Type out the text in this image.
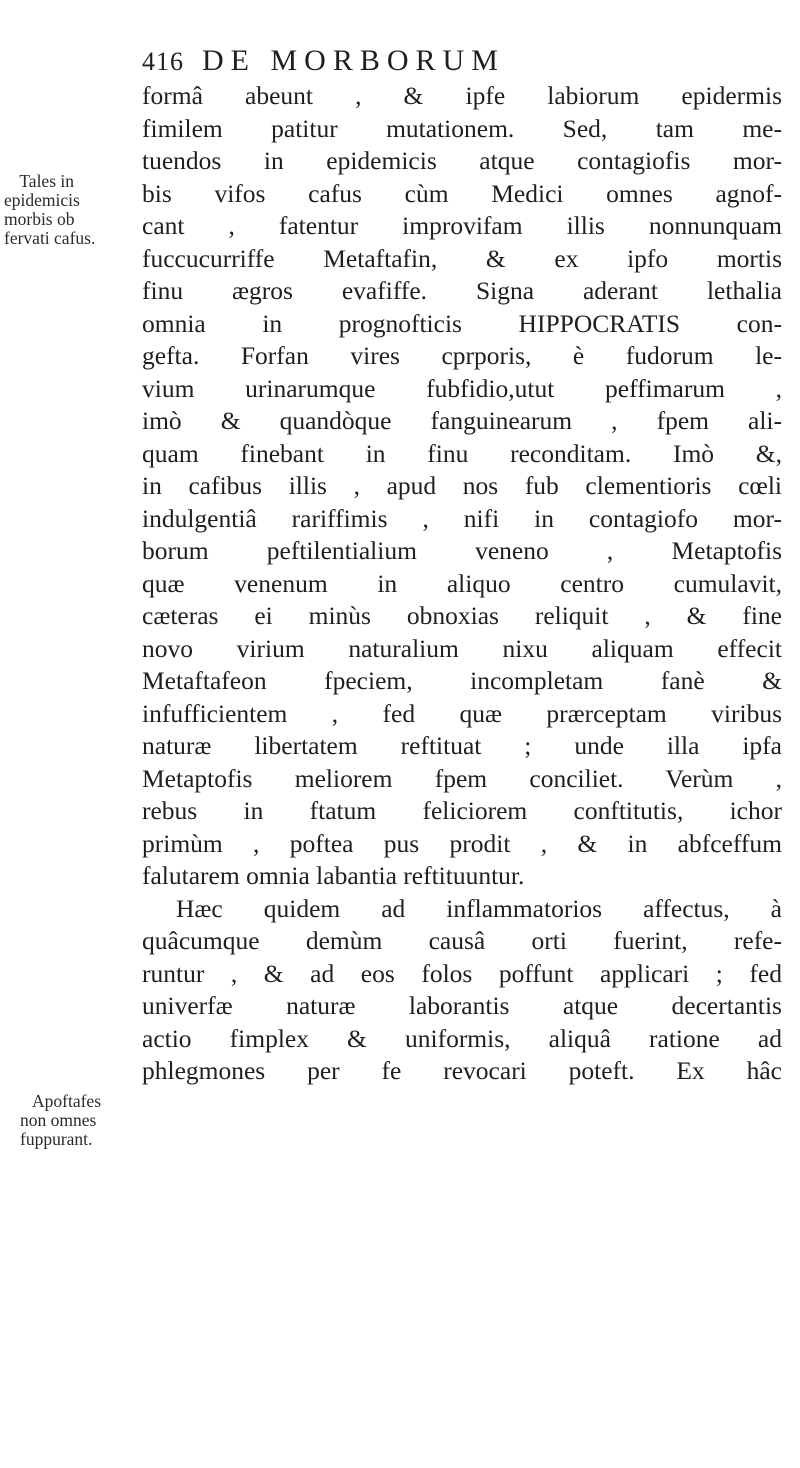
416 DE MORBORUM
Tales in
epidemicis
morbis ob
fervati cafus.
Apoftafes
non omnes
fuppurant.
formâ abeunt , & ipfe labiorum epidermis
fimilem patitur mutationem. Sed, tam me-
tuendos in epidemicis atque contagiofis mor-
bis vifos cafus cùm Medici omnes agnof-
cant , fatentur improvifam illis nonnunquam
fuccucurriffe Metaftafin, & ex ipfo mortis
finu ægros evafiffe. Signa aderant lethalia
omnia in prognofticis HIPPOCRATIS con-
gefta. Forfan vires cprporis, è fudorum le-
vium urinarumque fubfidio,utut peffimarum ,
imò & quandòque fanguinearum , fpem ali-
quam finebant in finu reconditam. Imò &,
in cafibus illis , apud nos fub clementioris cœli
indulgentiâ rariffimis , nifi in contagiofo mor-
borum peftilentialium veneno , Metaptofis
quæ venenum in aliquo centro cumulavit,
cæteras ei minùs obnoxias reliquit , & fine
novo virium naturalium nixu aliquam effecit
Metaftafeon fpeciem, incompletam fanè &
infufficientem , fed quæ prærceptam viribus
naturæ libertatem reftituat ; unde illa ipfa
Metaptofis meliorem fpem conciliet. Verùm ,
rebus in ftatum feliciorem conftitutis, ichor
primùm , poftea pus prodit , & in abfceffum
falutarem omnia labantia reftituuntur.
Hæc quidem ad inflammatorios affectus, à
quâcumque demùm causâ orti fuerint, refe-
runtur , & ad eos folos poffunt applicari ; fed
univerfæ naturæ laborantis atque decertantis
actio fimplex & uniformis, aliquâ ratione ad
phlegmones per fe revocari poteft. Ex hâc
